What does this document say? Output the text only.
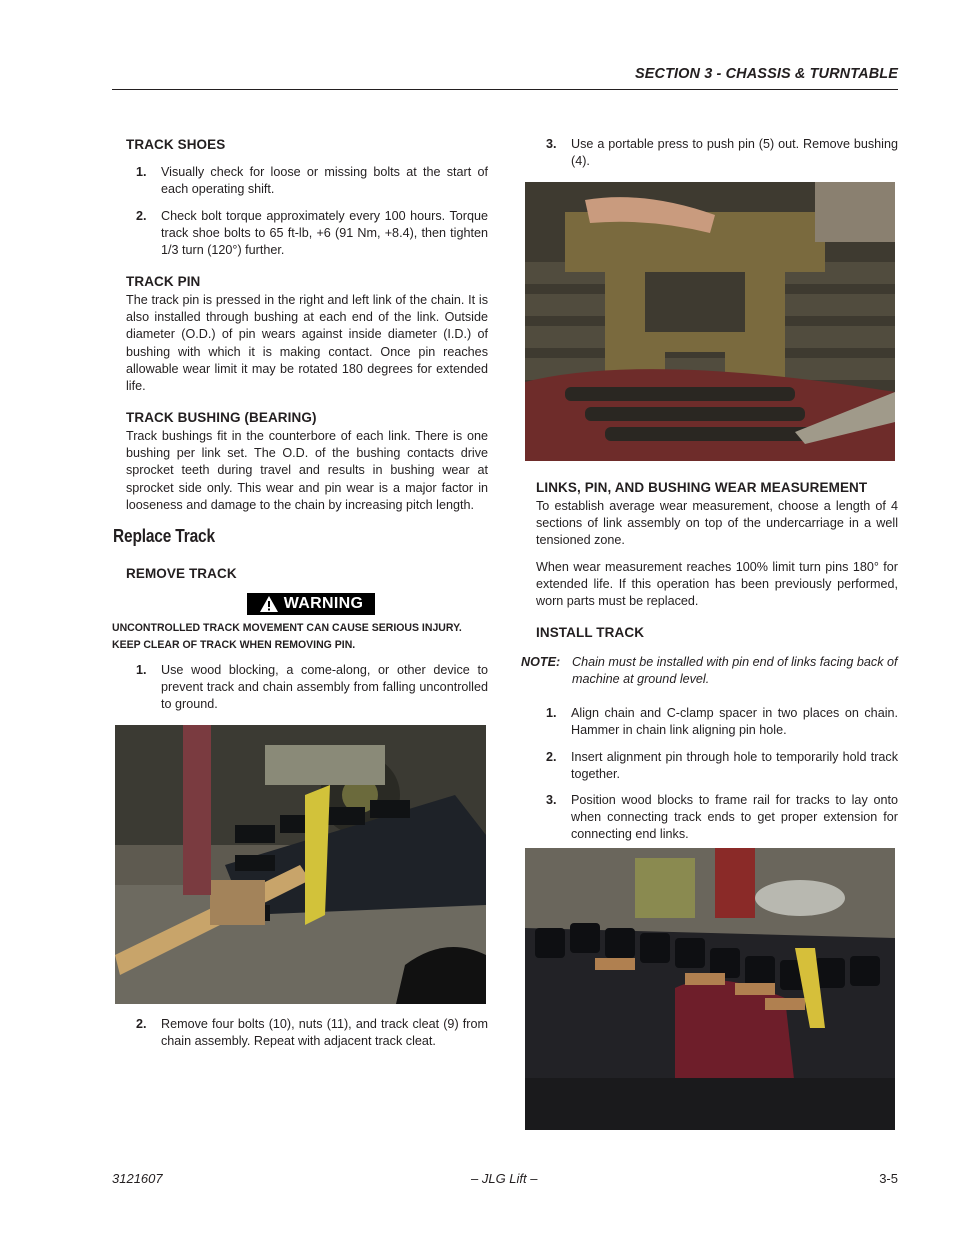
SECTION 3 - CHASSIS & TURNTABLE
TRACK SHOES
1. Visually check for loose or missing bolts at the start of each operating shift.
2. Check bolt torque approximately every 100 hours. Torque track shoe bolts to 65 ft-lb, +6 (91 Nm, +8.4), then tighten 1/3 turn (120°) further.
TRACK PIN
The track pin is pressed in the right and left link of the chain. It is also installed through bushing at each end of the link. Outside diameter (O.D.) of pin wears against inside diameter (I.D.) of bushing with which it is making contact. Once pin reaches allowable wear limit it may be rotated 180 degrees for extended life.
TRACK BUSHING (BEARING)
Track bushings fit in the counterbore of each link. There is one bushing per link set. The O.D. of the bushing contacts drive sprocket teeth during travel and results in bushing wear at sprocket side only. This wear and pin wear is a major factor in looseness and damage to the chain by increasing pitch length.
Replace Track
REMOVE TRACK
WARNING
UNCONTROLLED TRACK MOVEMENT CAN CAUSE SERIOUS INJURY. KEEP CLEAR OF TRACK WHEN REMOVING PIN.
1. Use wood blocking, a come-along, or other device to prevent track and chain assembly from falling uncontrolled to ground.
2. Remove four bolts (10), nuts (11), and track cleat (9) from chain assembly. Repeat with adjacent track cleat.
3. Use a portable press to push pin (5) out. Remove bushing (4).
LINKS, PIN, AND BUSHING WEAR MEASUREMENT
To establish average wear measurement, choose a length of 4 sections of link assembly on top of the undercarriage in a well tensioned zone.
When wear measurement reaches 100% limit turn pins 180° for extended life. If this operation has been previously performed, worn parts must be replaced.
INSTALL TRACK
NOTE: Chain must be installed with pin end of links facing back of machine at ground level.
1. Align chain and C-clamp spacer in two places on chain. Hammer in chain link aligning pin hole.
2. Insert alignment pin through hole to temporarily hold track together.
3. Position wood blocks to frame rail for tracks to lay onto when connecting track ends to get proper extension for connecting end links.
3121607	– JLG Lift –	3-5
